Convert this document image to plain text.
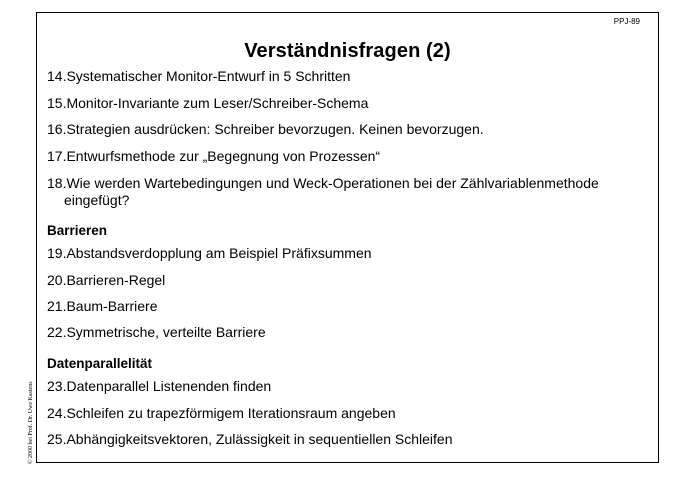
PPJ-89
Verständnisfragen (2)
14.Systematischer Monitor-Entwurf in 5 Schritten
15.Monitor-Invariante zum Leser/Schreiber-Schema
16.Strategien ausdrücken: Schreiber bevorzugen. Keinen bevorzugen.
17.Entwurfsmethode zur „Begegnung von Prozessen“
18.Wie werden Wartebedingungen und Weck-Operationen bei der Zählvariablenmethode
eingefügt?
Barrieren
19.Abstandsverdopplung am Beispiel Präfixsummen
20.Barrieren-Regel
21.Baum-Barriere
22.Symmetrische, verteilte Barriere
Datenparallelität
23.Datenparallel Listenenden finden
24.Schleifen zu trapezförmigem Iterationsraum angeben
25.Abhängigkeitsvektoren, Zulässigkeit in sequentiellen Schleifen
© 2000 bei Prof. Dr. Uwe Kastens
